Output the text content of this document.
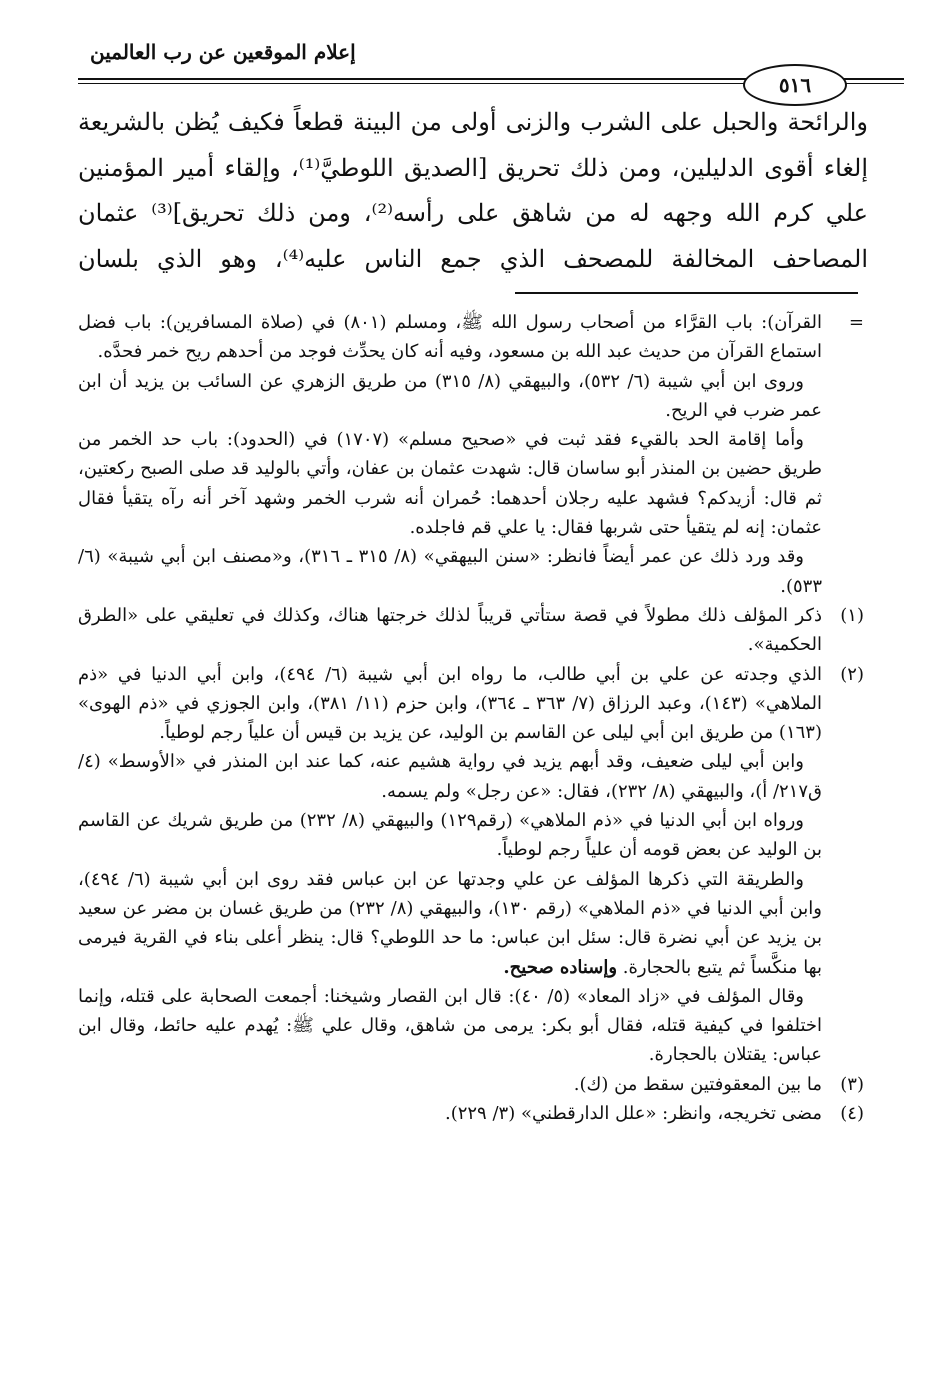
إعلام الموقعين عن رب العالمين
٥١٦

والرائحة والحبل على الشرب والزنى أولى من البينة قطعاً فكيف يُظن بالشريعة إلغاء أقوى الدليلين، ومن ذلك تحريق [الصديق اللوطيَّ⁽¹⁾، وإلقاء أمير المؤمنين علي كرم الله وجهه له من شاهق على رأسه⁽²⁾، ومن ذلك تحريق]⁽³⁾ عثمان المصاحف المخالفة للمصحف الذي جمع الناس عليه⁽⁴⁾، وهو الذي بلسان

=

القرآن): باب القرَّاء من أصحاب رسول الله ﷺ، ومسلم (٨٠١) في (صلاة المسافرين): باب فضل استماع القرآن من حديث عبد الله بن مسعود، وفيه أنه كان يحدِّث فوجد من أحدهم ريح خمر فحدَّه.

وروى ابن أبي شيبة (٦/ ٥٣٢)، والبيهقي (٨/ ٣١٥) من طريق الزهري عن السائب بن يزيد أن ابن عمر ضرب في الريح.

وأما إقامة الحد بالقيء فقد ثبت في «صحيح مسلم» (١٧٠٧) في (الحدود): باب حد الخمر من طريق حضين بن المنذر أبو ساسان قال: شهدت عثمان بن عفان، وأتي بالوليد قد صلى الصبح ركعتين، ثم قال: أزيدكم؟ فشهد عليه رجلان أحدهما: حُمران أنه شرب الخمر وشهد آخر أنه رآه يتقيأ فقال عثمان: إنه لم يتقيأ حتى شربها فقال: يا علي قم فاجلده.

وقد ورد ذلك عن عمر أيضاً فانظر: «سنن البيهقي» (٨/ ٣١٥ ـ ٣١٦)، و«مصنف ابن أبي شيبة» (٦/ ٥٣٣).

(١)

ذكر المؤلف ذلك مطولاً في قصة ستأتي قريباً لذلك خرجتها هناك، وكذلك في تعليقي على «الطرق الحكمية».

(٢)

الذي وجدته عن علي بن أبي طالب، ما رواه ابن أبي شيبة (٦/ ٤٩٤)، وابن أبي الدنيا في «ذم الملاهي» (١٤٣)، وعبد الرزاق (٧/ ٣٦٣ ـ ٣٦٤)، وابن حزم (١١/ ٣٨١)، وابن الجوزي في «ذم الهوى» (١٦٣) من طريق ابن أبي ليلى عن القاسم بن الوليد، عن يزيد بن قيس أن علياً رجم لوطياً.

وابن أبي ليلى ضعيف، وقد أبهم يزيد في رواية هشيم عنه، كما عند ابن المنذر في «الأوسط» (٤/ ق٢١٧/ أ)، والبيهقي (٨/ ٢٣٢)، فقال: «عن رجل» ولم يسمه.

ورواه ابن أبي الدنيا في «ذم الملاهي» (رقم١٢٩) والبيهقي (٨/ ٢٣٢) من طريق شريك عن القاسم بن الوليد عن بعض قومه أن علياً رجم لوطياً.

والطريقة التي ذكرها المؤلف عن علي وجدتها عن ابن عباس فقد روى ابن أبي شيبة (٦/ ٤٩٤)، وابن أبي الدنيا في «ذم الملاهي» (رقم ١٣٠)، والبيهقي (٨/ ٢٣٢) من طريق غسان بن مضر عن سعيد بن يزيد عن أبي نضرة قال: سئل ابن عباس: ما حد اللوطي؟ قال: ينظر أعلى بناء في القرية فيرمى بها منكَّساً ثم يتبع بالحجارة. وإسناده صحيح.

وقال المؤلف في «زاد المعاد» (٥/ ٤٠): قال ابن القصار وشيخنا: أجمعت الصحابة على قتله، وإنما اختلفوا في كيفية قتله، فقال أبو بكر: يرمى من شاهق، وقال علي ﷺ: يُهدم عليه حائط، وقال ابن عباس: يقتلان بالحجارة.

(٣)

ما بين المعقوفتين سقط من (ك).

(٤)

مضى تخريجه، وانظر: «علل الدارقطني» (٣/ ٢٢٩).
